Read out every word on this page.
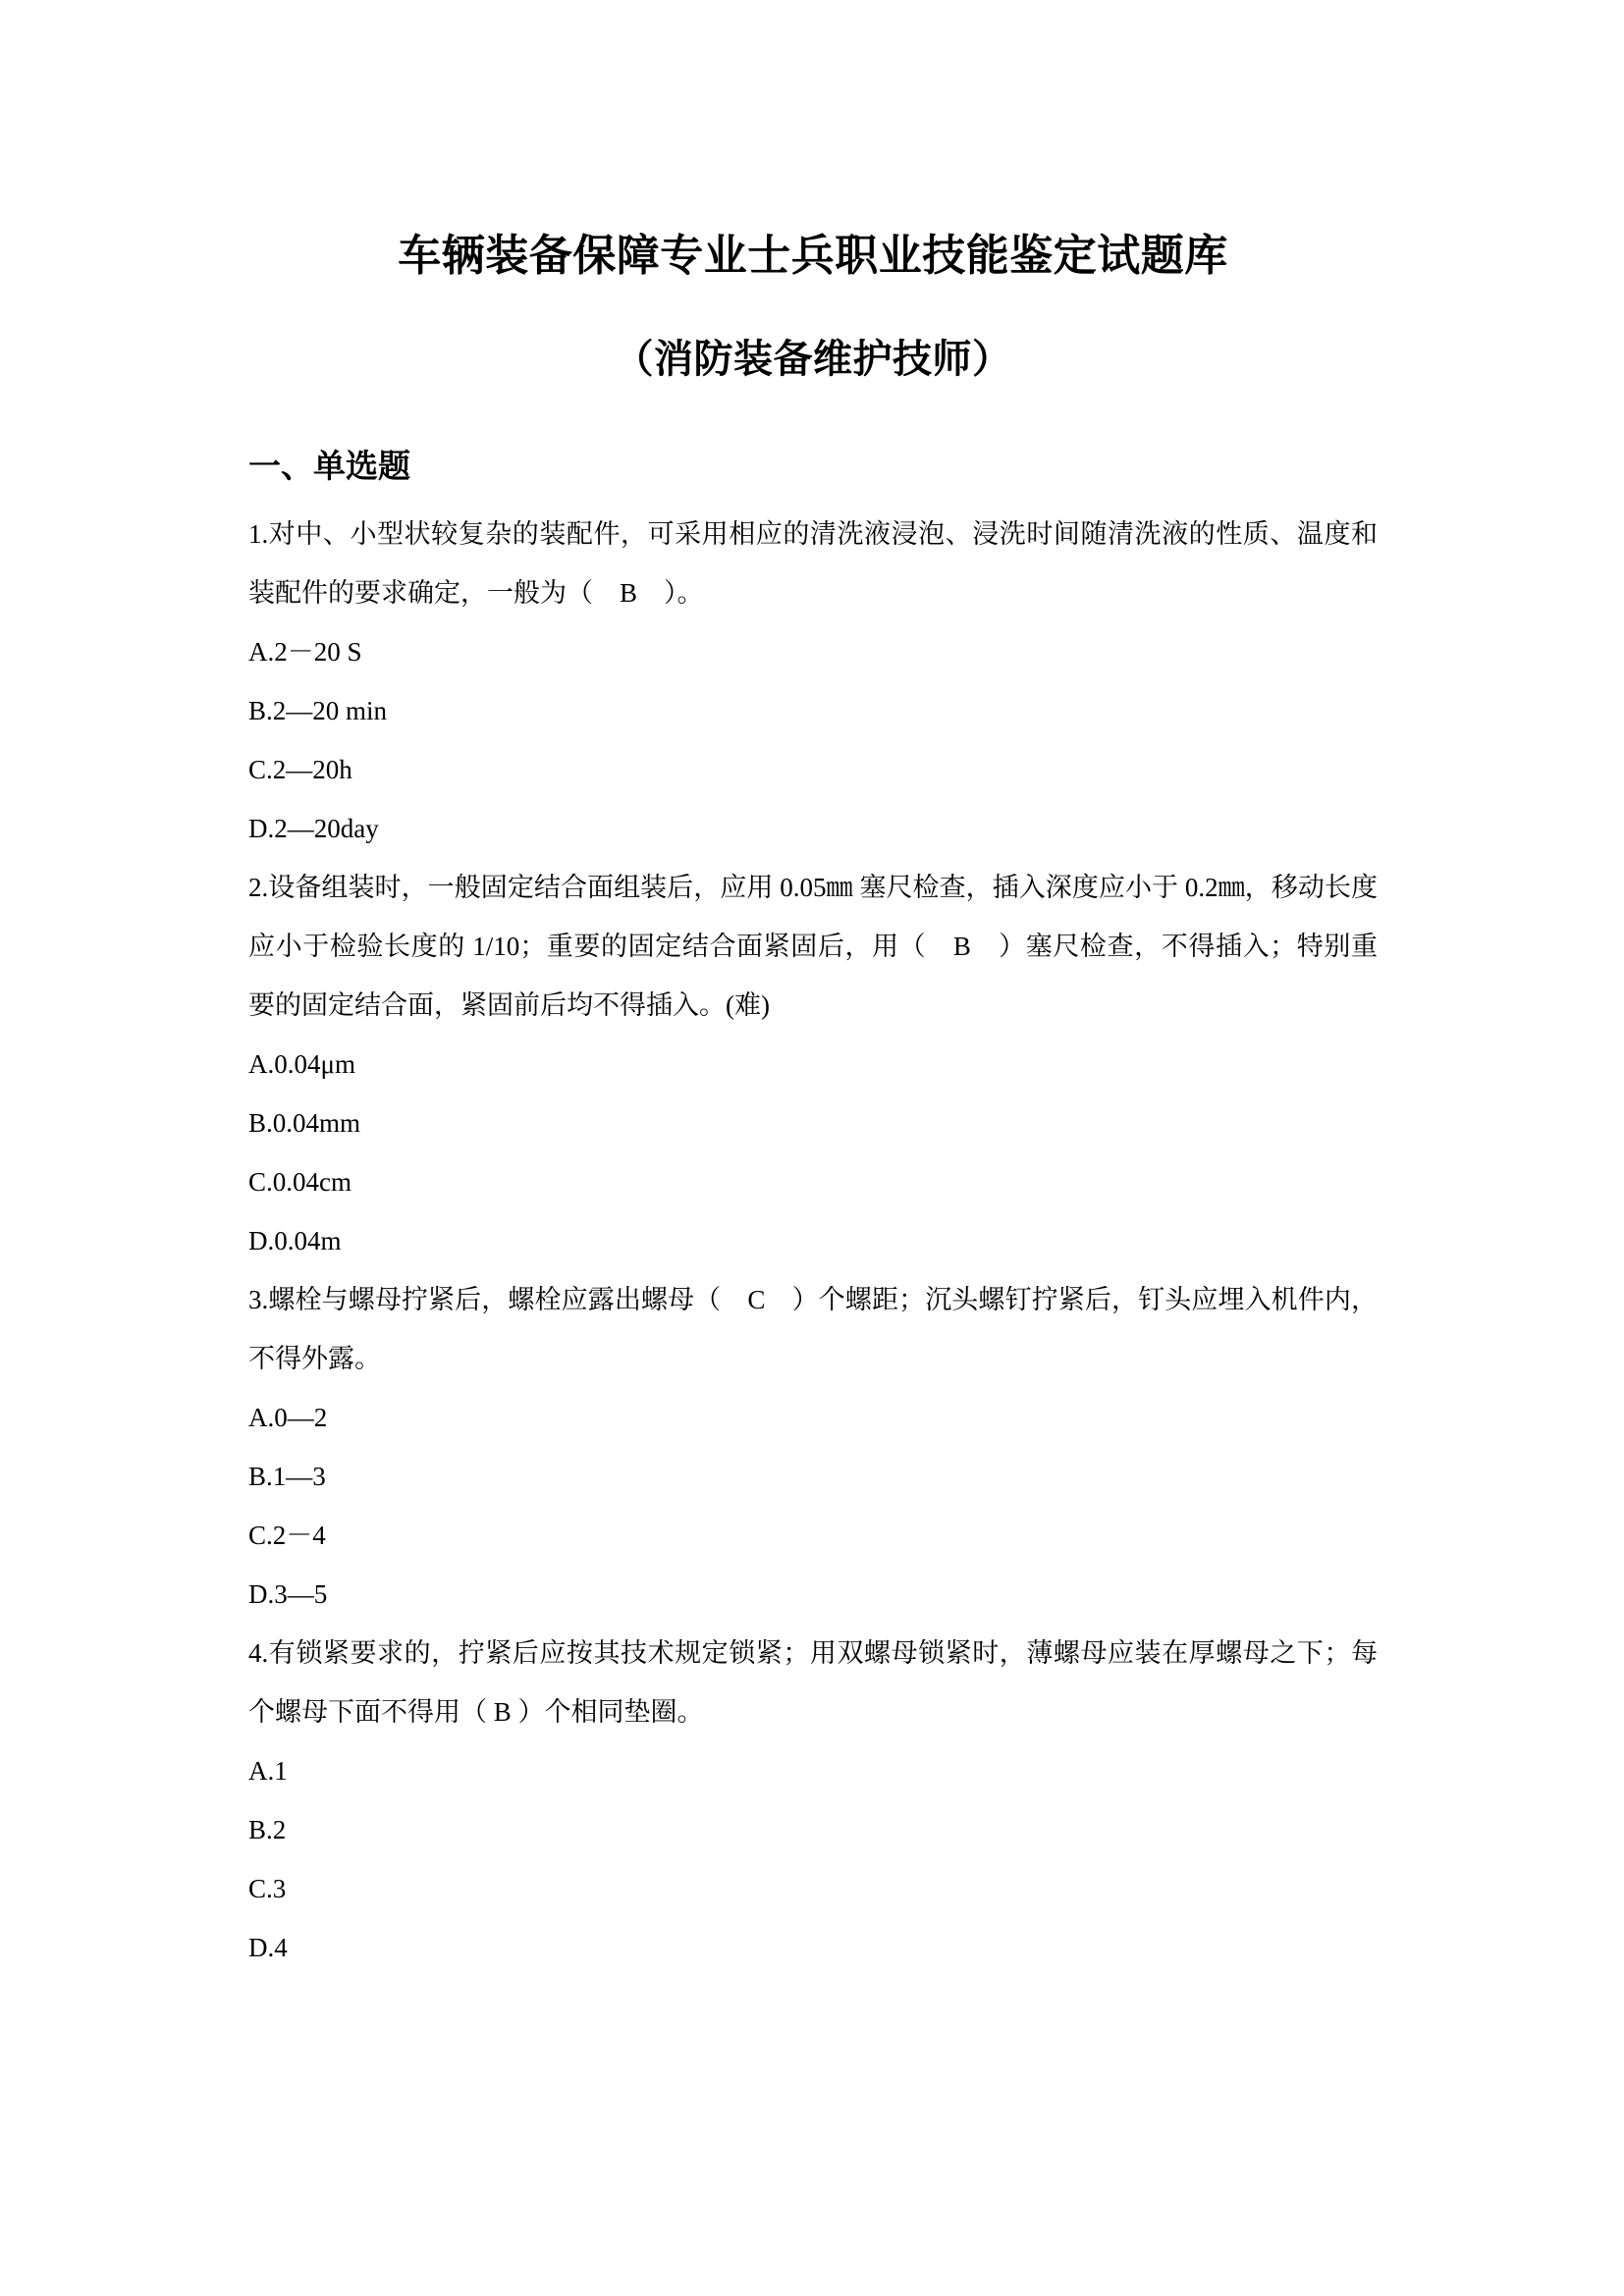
车辆装备保障专业士兵职业技能鉴定试题库
（消防装备维护技师）
一、单选题

1.对中、小型状较复杂的装配件，可采用相应的清洗液浸泡、浸洗时间随清洗液的性质、温度和装配件的要求确定，一般为（　B　）。

A.2－20 S

B.2—20 min

C.2—20h

D.2—20day

2.设备组装时，一般固定结合面组装后，应用 0.05㎜ 塞尺检查，插入深度应小于 0.2㎜，移动长度应小于检验长度的 1/10；重要的固定结合面紧固后，用（　B　）塞尺检查，不得插入；特别重要的固定结合面，紧固前后均不得插入。(难)

A.0.04μm

B.0.04mm

C.0.04cm

D.0.04m

3.螺栓与螺母拧紧后，螺栓应露出螺母（　C　）个螺距；沉头螺钉拧紧后，钉头应埋入机件内，不得外露。

A.0—2

B.1—3

C.2－4

D.3—5

4.有锁紧要求的，拧紧后应按其技术规定锁紧；用双螺母锁紧时，薄螺母应装在厚螺母之下；每个螺母下面不得用（ B ）个相同垫圈。

A.1

B.2

C.3

D.4
